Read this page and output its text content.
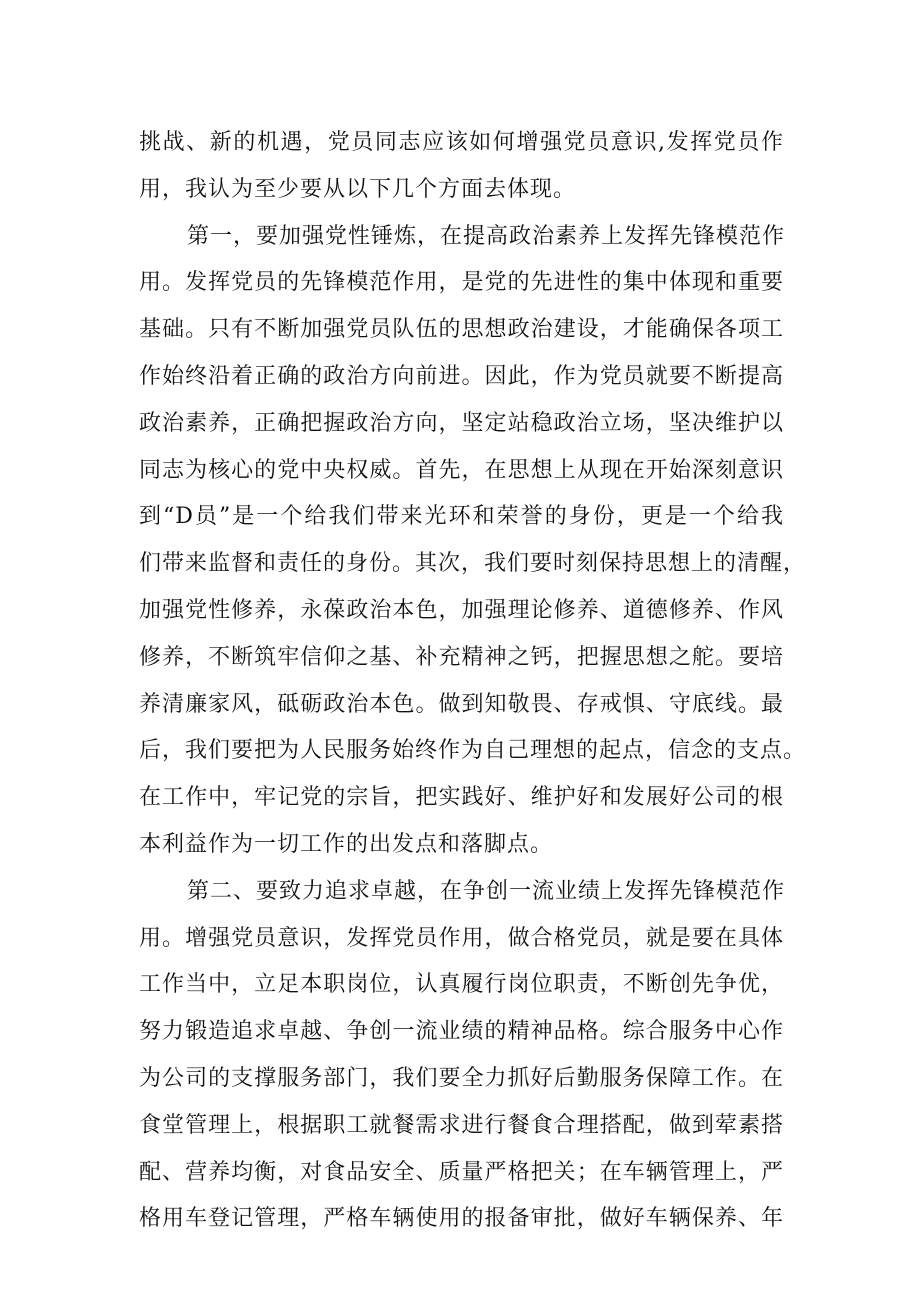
挑战、新的机遇，党员同志应该如何增强党员意识,发挥党员作
用，我认为至少要从以下几个方面去体现。
第一，要加强党性锤炼，在提高政治素养上发挥先锋模范作
用。发挥党员的先锋模范作用，是党的先进性的集中体现和重要
基础。只有不断加强党员队伍的思想政治建设，才能确保各项工
作始终沿着正确的政治方向前进。因此，作为党员就要不断提高
政治素养，正确把握政治方向，坚定站稳政治立场，坚决维护以
同志为核心的党中央权威。首先，在思想上从现在开始深刻意识
到“D员”是一个给我们带来光环和荣誉的身份，更是一个给我
们带来监督和责任的身份。其次，我们要时刻保持思想上的清醒，
加强党性修养，永葆政治本色，加强理论修养、道德修养、作风
修养，不断筑牢信仰之基、补充精神之钙，把握思想之舵。要培
养清廉家风，砥砺政治本色。做到知敬畏、存戒惧、守底线。最
后，我们要把为人民服务始终作为自己理想的起点，信念的支点。
在工作中，牢记党的宗旨，把实践好、维护好和发展好公司的根
本利益作为一切工作的出发点和落脚点。
第二、要致力追求卓越，在争创一流业绩上发挥先锋模范作
用。增强党员意识，发挥党员作用，做合格党员，就是要在具体
工作当中，立足本职岗位，认真履行岗位职责，不断创先争优，
努力锻造追求卓越、争创一流业绩的精神品格。综合服务中心作
为公司的支撑服务部门，我们要全力抓好后勤服务保障工作。在
食堂管理上，根据职工就餐需求进行餐食合理搭配，做到荤素搭
配、营养均衡，对食品安全、质量严格把关；在车辆管理上，严
格用车登记管理，严格车辆使用的报备审批，做好车辆保养、年
